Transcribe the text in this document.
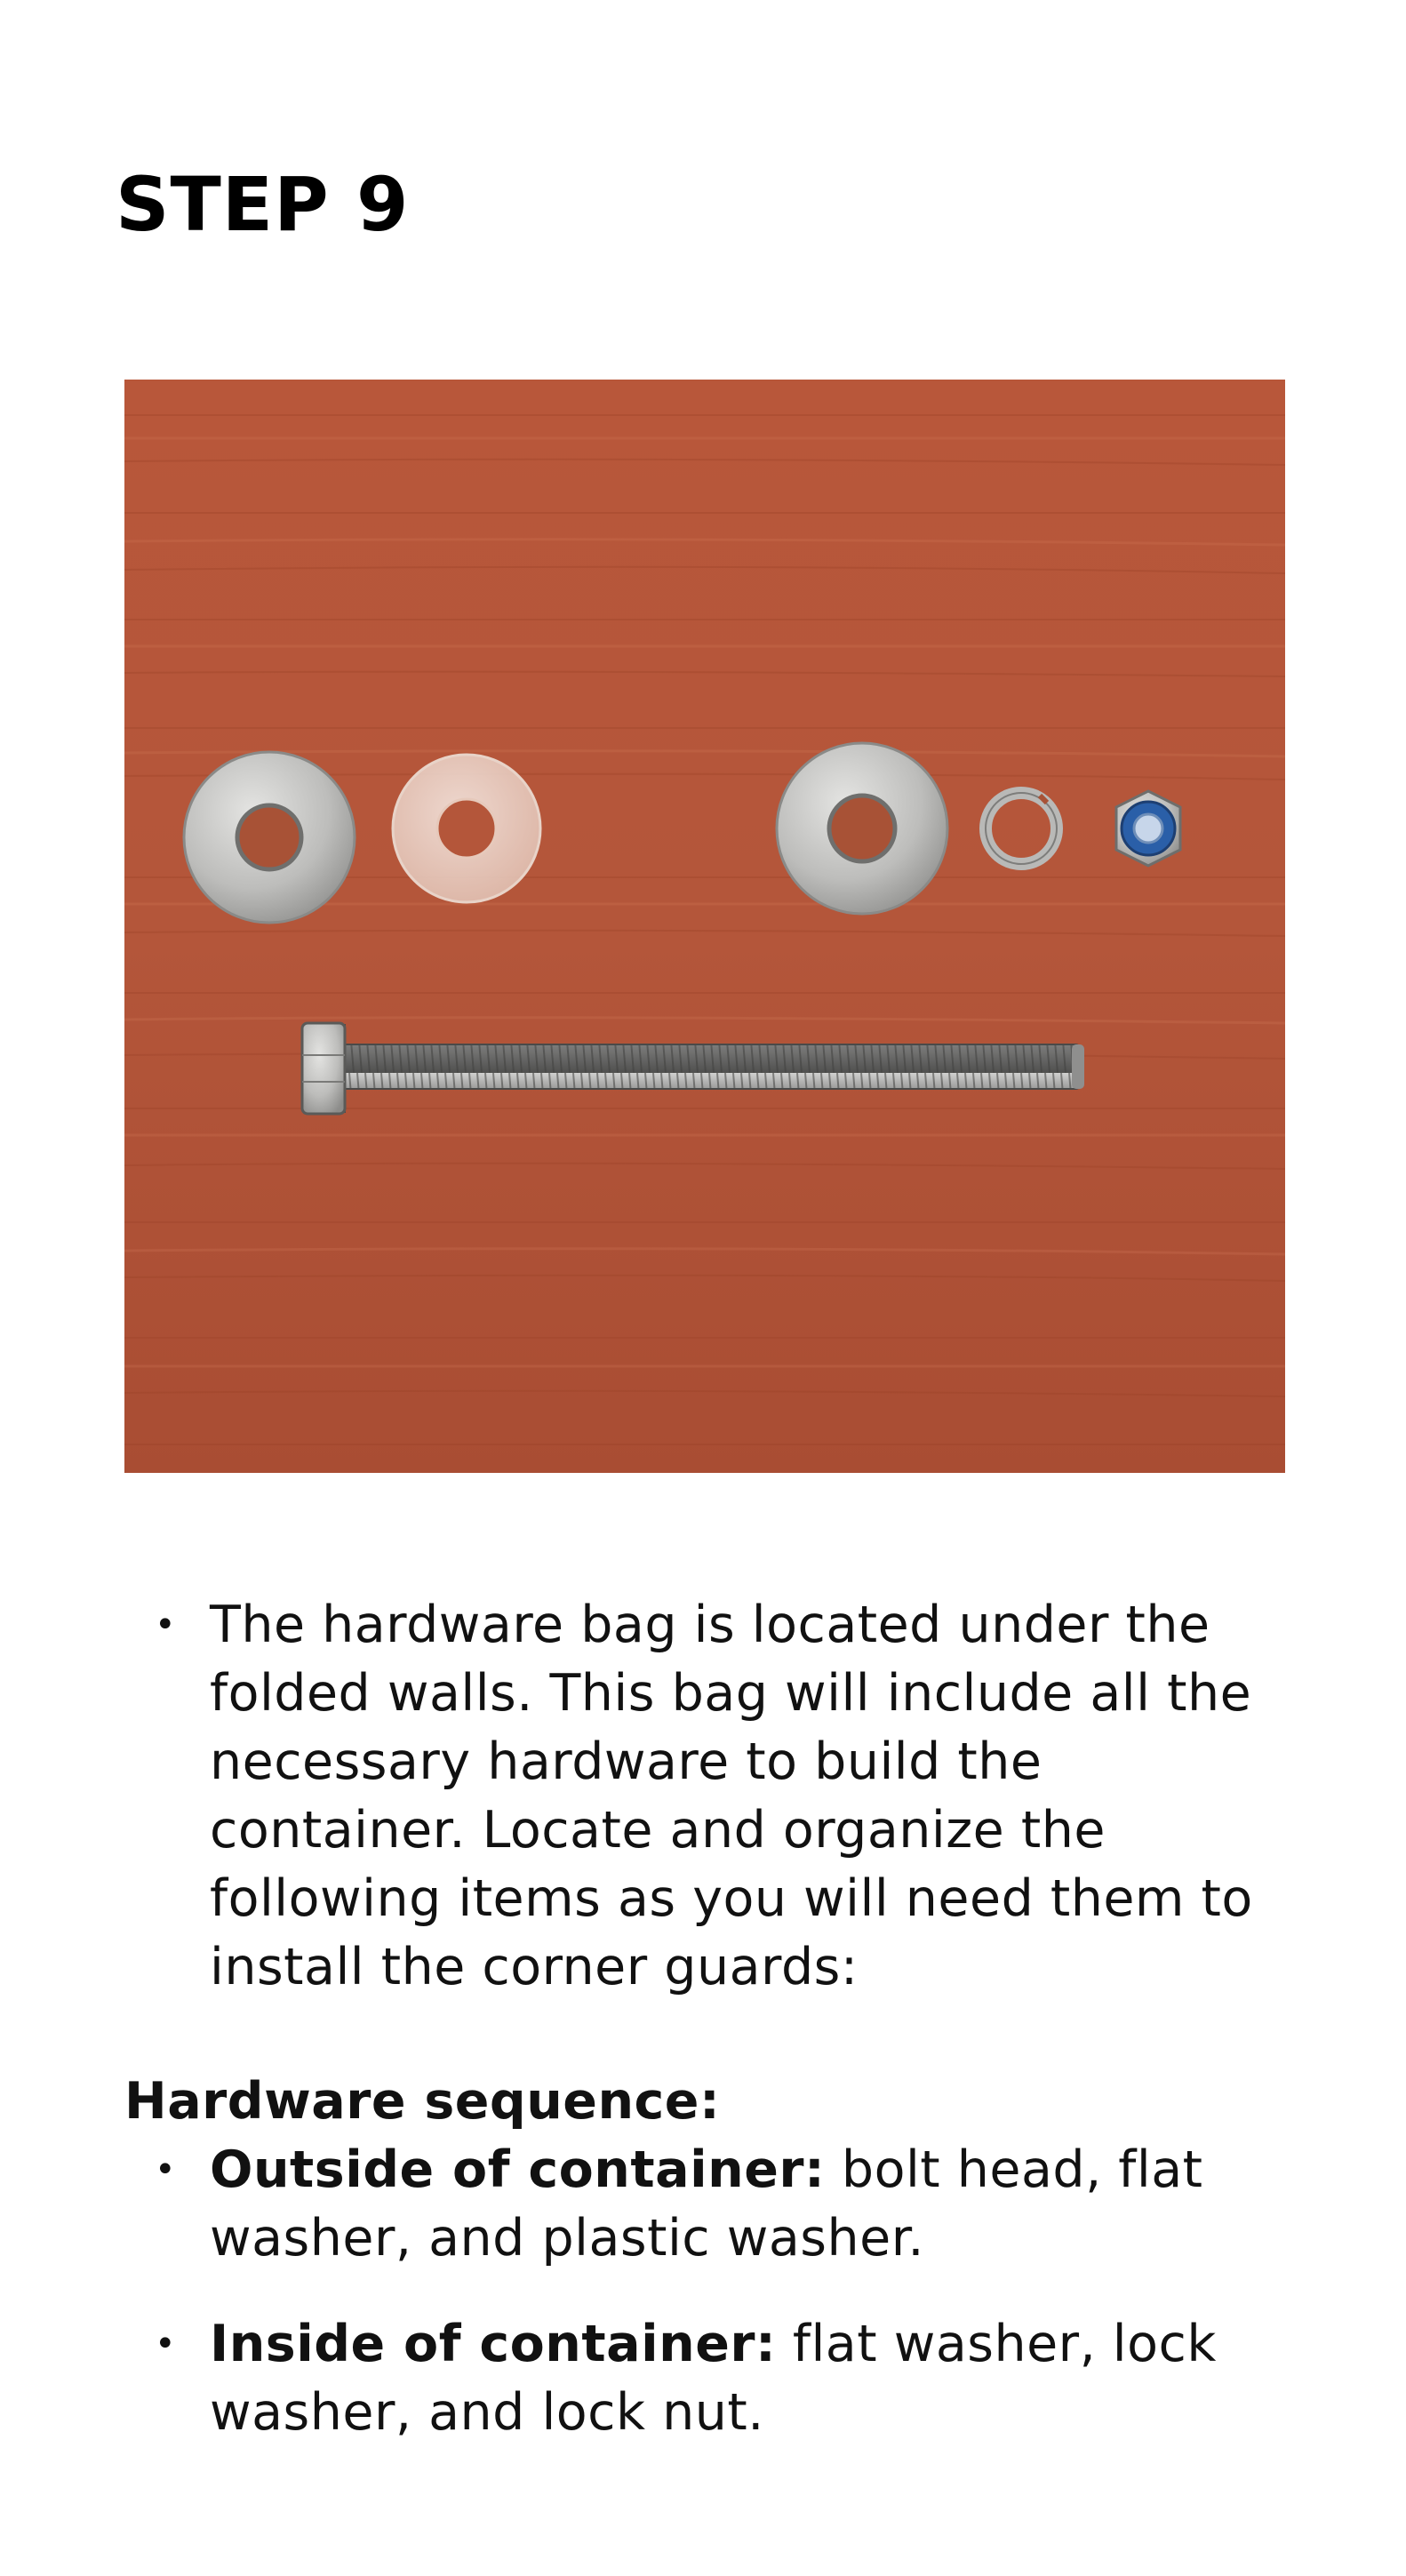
STEP 9
• The hardware bag is located under the folded walls. This bag will include all the necessary hardware to build the container. Locate and organize the following items as you will need them to install the corner guards:

Hardware sequence:

• Outside of container: bolt head, flat washer, and plastic washer.
• Inside of container: flat washer, lock washer, and lock nut.
